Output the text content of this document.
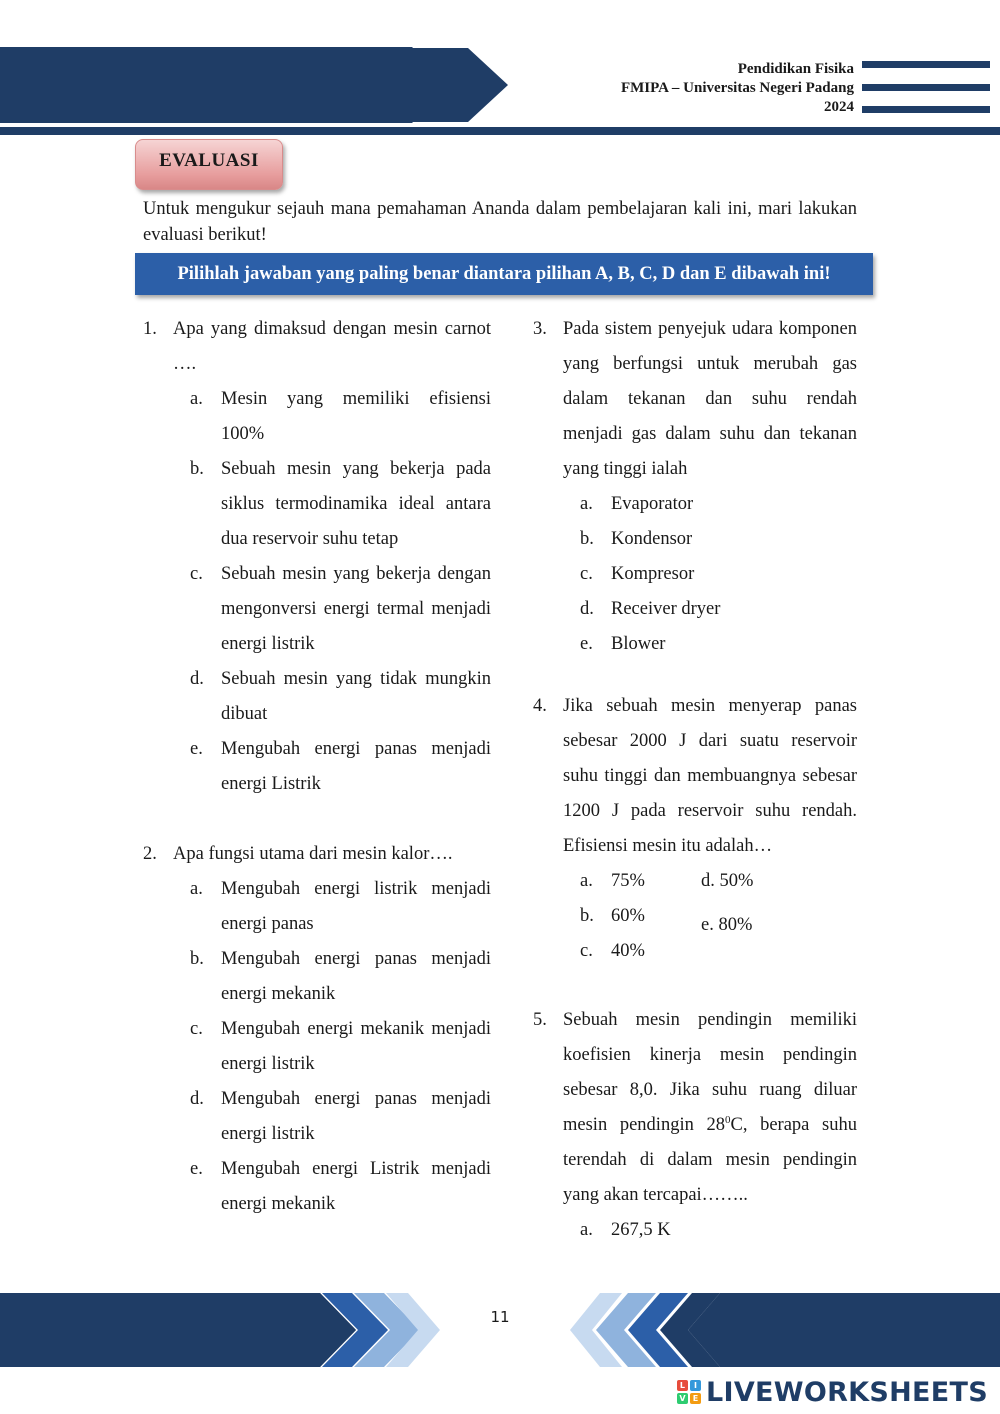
Pendidikan Fisika
FMIPA – Universitas Negeri Padang
2024
EVALUASI

Untuk mengukur sejauh mana pemahaman Ananda dalam pembelajaran kali ini, mari lakukan evaluasi berikut!

Pilihlah jawaban yang paling benar diantara pilihan A, B, C, D dan E dibawah ini!
1. Apa yang dimaksud dengan mesin carnot ….
a. Mesin yang memiliki efisiensi 100%
b. Sebuah mesin yang bekerja pada siklus termodinamika ideal antara dua reservoir suhu tetap
c. Sebuah mesin yang bekerja dengan mengonversi energi termal menjadi energi listrik
d. Sebuah mesin yang tidak mungkin dibuat
e. Mengubah energi panas menjadi energi Listrik
2. Apa fungsi utama dari mesin kalor….
a. Mengubah energi listrik menjadi energi panas
b. Mengubah energi panas menjadi energi mekanik
c. Mengubah energi mekanik menjadi energi listrik
d. Mengubah energi panas menjadi energi listrik
e. Mengubah energi Listrik menjadi energi mekanik
3. Pada sistem penyejuk udara komponen yang berfungsi untuk merubah gas dalam tekanan dan suhu rendah menjadi gas dalam suhu dan tekanan yang tinggi ialah
a. Evaporator
b. Kondensor
c. Kompresor
d. Receiver dryer
e. Blower
4. Jika sebuah mesin menyerap panas sebesar 2000 J dari suatu reservoir suhu tinggi dan membuangnya sebesar 1200 J pada reservoir suhu rendah. Efisiensi mesin itu adalah…
a. 75%
b. 60%
c. 40%
d. 50%
e. 80%
5. Sebuah mesin pendingin memiliki koefisien kinerja mesin pendingin sebesar 8,0. Jika suhu ruang diluar mesin pendingin $28^0C$, berapa suhu terendah di dalam mesin pendingin yang akan tercapai……..
a. 267,5 K
11
L	I
V E LIVEWORKSHEETS
